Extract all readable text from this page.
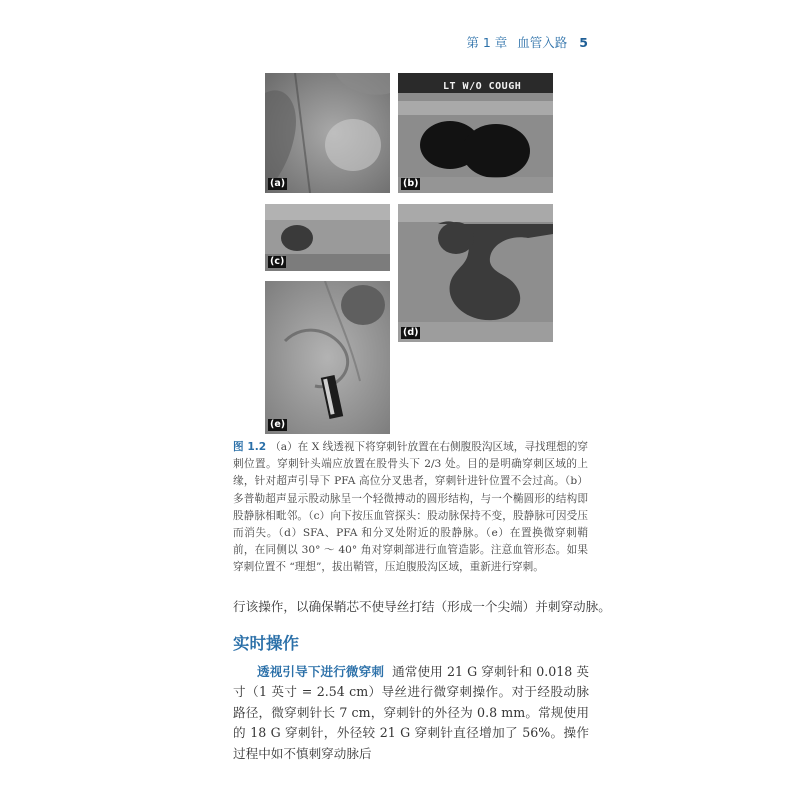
第 1 章 血管入路 5
(a)
LT W/O COUGH
(b)
(c)
(d)
(e)
图 1.2 （a）在 X 线透视下将穿刺针放置在右侧腹股沟区域，寻找理想的穿刺位置。穿刺针头端应放置在股骨头下 2/3 处。目的是明确穿刺区域的上缘，针对超声引导下 PFA 高位分叉患者，穿刺针进针位置不会过高。（b）多普勒超声显示股动脉呈一个轻微搏动的圆形结构，与一个椭圆形的结构即股静脉相毗邻。（c）向下按压血管探头：股动脉保持不变，股静脉可因受压而消失。（d）SFA、PFA 和分叉处附近的股静脉。（e）在置换微穿刺鞘前，在同侧以 30° ～ 40° 角对穿刺部进行血管造影。注意血管形态。如果穿刺位置不 “理想”，拔出鞘管，压迫腹股沟区域，重新进行穿刺。
行该操作，以确保鞘芯不使导丝打结（形成一个尖端）并刺穿动脉。
实时操作
透视引导下进行微穿刺 通常使用 21 G 穿刺针和 0.018 英寸（1 英寸 = 2.54 cm）导丝进行微穿刺操作。对于经股动脉路径，微穿刺针长 7 cm，穿刺针的外径为 0.8 mm。常规使用的 18 G 穿刺针，外径较 21 G 穿刺针直径增加了 56%。操作过程中如不慎刺穿动脉后
